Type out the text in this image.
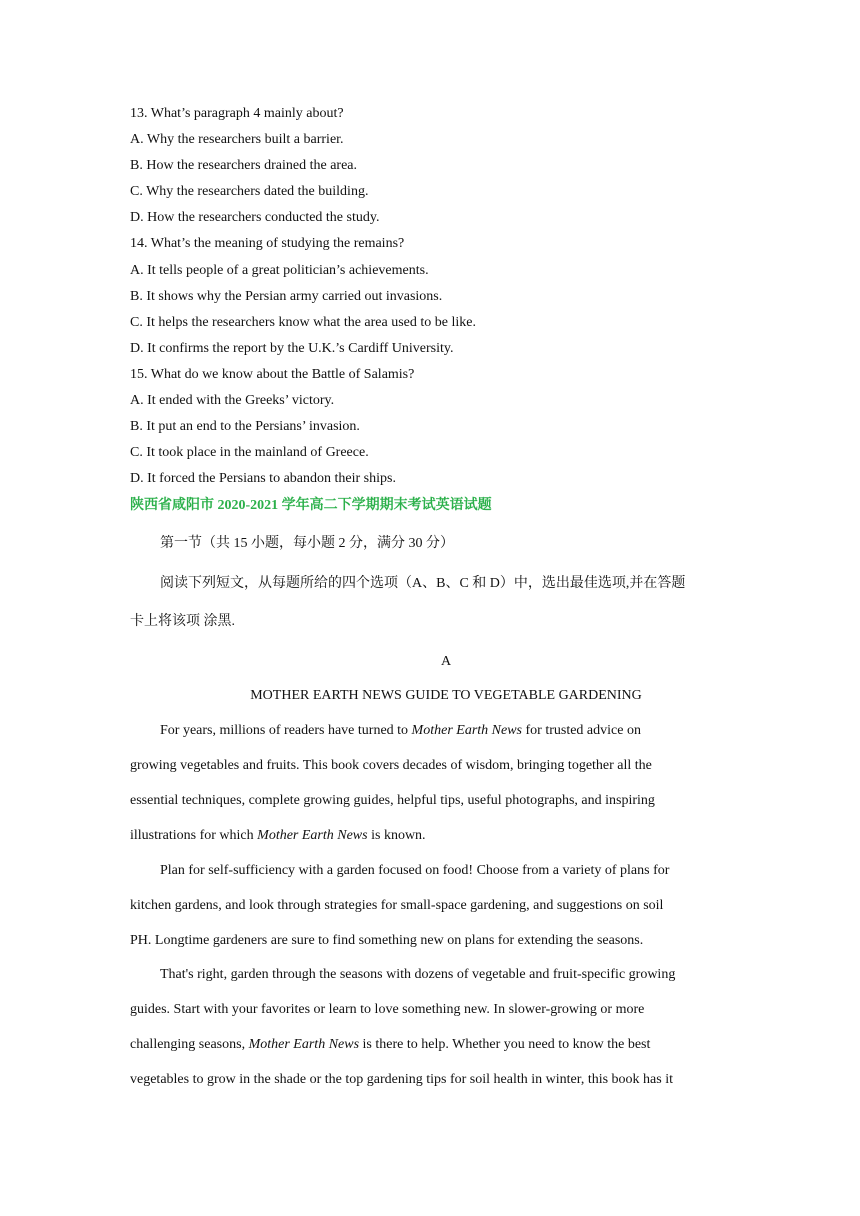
13. What’s paragraph 4 mainly about?
A. Why the researchers built a barrier.
B. How the researchers drained the area.
C. Why the researchers dated the building.
D. How the researchers conducted the study.
14. What’s the meaning of studying the remains?
A. It tells people of a great politician’s achievements.
B. It shows why the Persian army carried out invasions.
C. It helps the researchers know what the area used to be like.
D. It confirms the report by the U.K.’s Cardiff University.
15. What do we know about the Battle of Salamis?
A. It ended with the Greeks’ victory.
B. It put an end to the Persians’ invasion.
C. It took place in the mainland of Greece.
D. It forced the Persians to abandon their ships.
陕西省咸阳市 2020-2021 学年高二下学期期末考试英语试题
第一节（共 15 小题，每小题 2 分，满分 30 分）
阅读下列短文，从每题所给的四个选项（A、B、C 和 D）中，选出最佳选项,并在答题
卡上将该项 涂黑.
A
MOTHER EARTH NEWS GUIDE TO VEGETABLE GARDENING
For years, millions of readers have turned to Mother Earth News for trusted advice on
growing vegetables and fruits. This book covers decades of wisdom, bringing together all the
essential techniques, complete growing guides, helpful tips, useful photographs, and inspiring
illustrations for which Mother Earth News is known.
Plan for self-sufficiency with a garden focused on food! Choose from a variety of plans for
kitchen gardens, and look through strategies for small-space gardening, and suggestions on soil
PH. Longtime gardeners are sure to find something new on plans for extending the seasons.
That's right, garden through the seasons with dozens of vegetable and fruit-specific growing
guides. Start with your favorites or learn to love something new. In slower-growing or more
challenging seasons, Mother Earth News is there to help. Whether you need to know the best
vegetables to grow in the shade or the top gardening tips for soil health in winter, this book has it
